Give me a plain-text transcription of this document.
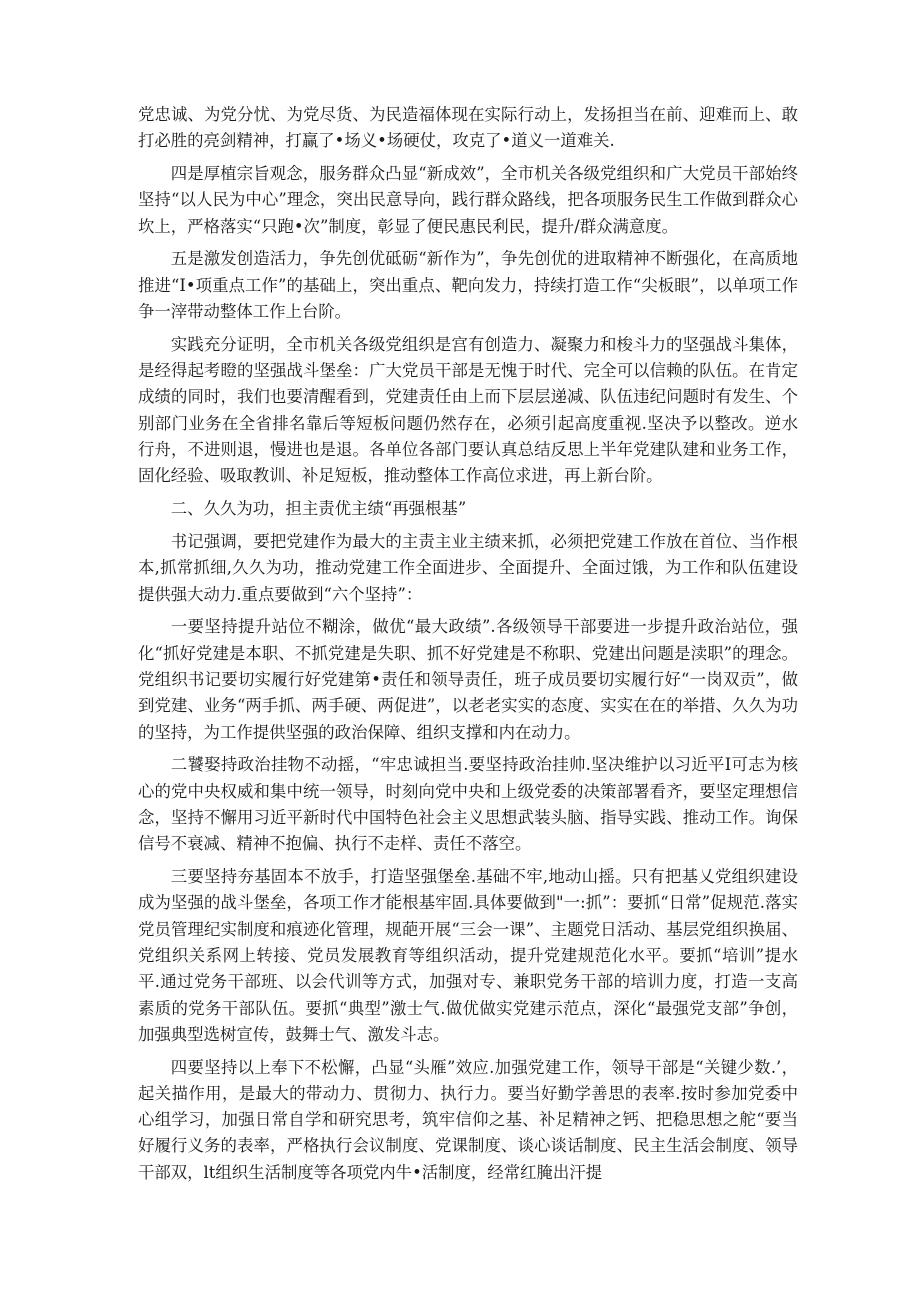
党忠诚、为党分忧、为党尽货、为民造福体现在实际行动上，发扬担当在前、迎难而上、敢打必胜的亮剑精神，打赢了•场义•场硬仗，攻克了•道义一道难关.

四是厚植宗旨观念，服务群众凸显“新成效”，全市机关各级党组织和广大党员干部始终坚持“以人民为中心”理念，突出民意导向，践行群众路线，把各项服务民生工作做到群众心坎上，严格落实“只跑•次”制度，彰显了便民惠民利民，提升/群众满意度。

五是激发创造活力，争先创优砥砺“新作为”，争先创优的进取精神不断强化，在高质地推进“I•项重点工作”的基础上，突出重点、靶向发力，持续打造工作“尖板眼”，以单项工作争一滓带动整体工作上台阶。

实践充分证明，全市机关各级党组织是宫有创造力、凝聚力和梭斗力的坚强战斗集体，是经得起考瞪的坚强战斗堡垒：广大党员干部是无愧于时代、完全可以信赖的队伍。在肯定成绩的同时，我们也要清醒看到，党建责任由上而下层层递减、队伍违纪问题时有发生、个别部门业务在全省排名靠后等短板问题仍然存在，必须引起高度重视.坚决予以整改。逆水行舟，不进则退，慢进也是退。各单位各部门要认真总结反思上半年党建队建和业务工作，固化经验、吸取教训、补足短板，推动整体工作高位求进，再上新台阶。

二、久久为功，担主责优主绩“再强根基”

书记强调，要把党建作为最大的主责主业主绩来抓，必须把党建工作放在首位、当作根本,抓常抓细,久久为功，推动党建工作全面进步、全面提升、全面过饿，为工作和队伍建设提供强大动力.重点要做到“六个坚持”：

一要坚持提升站位不糊涂，做优“最大政绩”.各级领导干部要进一步提升政治站位，强化“抓好党建是本职、不抓党建是失职、抓不好党建是不称职、党建出问题是渎职”的理念。党组织书记要切实履行好党建第•责任和领导责任，班子成员要切实履行好“一岗双贡”，做到党建、业务“两手抓、两手硬、两促进”，以老老实实的态度、实实在在的举措、久久为功的坚持，为工作提供坚强的政治保障、组织支撑和内在动力。

二饕娶持政治挂物不动摇，“牢忠诚担当.要坚持政治挂帅.坚决维护以习近平I可志为核心的党中央权威和集中统一领导，时刻向党中央和上级党委的决策部署看齐，要坚定理想信念，坚持不懈用习近平新时代中国特色社会主义思想武装头脑、指导实践、推动工作。询保信号不衰减、精神不抱偏、执行不走样、责任不落空。

三要坚持夯基固本不放手，打造坚强堡垒.基础不牢,地动山摇。只有把基乂党组织建设成为坚强的战斗堡垒，各项工作才能根基牢固.具体要做到"一:抓”：要抓“日常”促规范.落实党员管理纪实制度和痕迹化管理，规葩开展“三会一课”、主题党日活动、基层党组织换届、党组织关系网上转接、党员发展教育等组织活动，提升党建规范化水平。要抓“培训”提水平.通过党务干部班、以会代训等方式，加强对专、兼职党务干部的培训力度，打造一支高素质的党务干部队伍。要抓“典型”激士气.做优做实党建示范点，深化“最强党支部”争创，加强典型选树宣传，鼓舞士气、激发斗志。

四要坚持以上奉下不松懈，凸显“头雁”效应.加强党建工作，领导干部是“关键少数.’，起关描作用，是最大的带动力、贯彻力、执行力。要当好勤学善思的表率.按时参加党委中心组学习，加强日常自学和研究思考，筑牢信仰之基、补足精神之钙、把稳思想之舵“要当好履行义务的表率，严格执行会议制度、党课制度、谈心谈话制度、民主生活会制度、领导干部双，lt组织生活制度等各项党内牛•活制度，经常红腌出汗提
